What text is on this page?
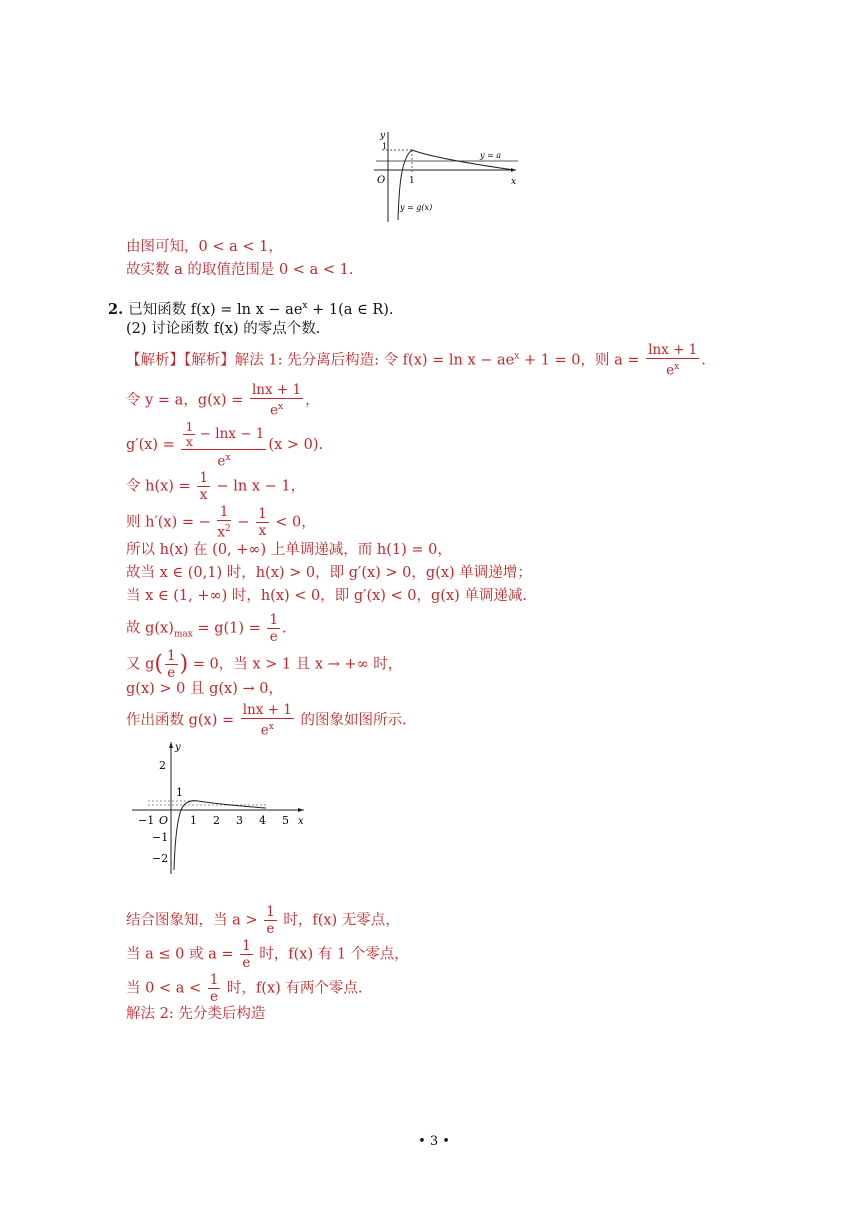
y
1
O	x
1
y = a
y = g(x)
由图可知，0 < a < 1，
故实数 a 的取值范围是 0 < a < 1.
2. 已知函数 $f(x) = \ln x - ae^x + 1(a$ ∈ R).
(2) 讨论函数 f(x) 的零点个数.
【解析】【解析】解法 1: 先分离后构造: 令 $f(x) = \ln x - ae^x + 1 = 0$，则 $a = \frac{\ln x + 1}{e^x}$ .
令 y = a，$g(x) = \frac{\ln x + 1}{e^x}$ ，
$g'(x) = \frac{\frac{1}{x} - \ln x - 1}{e^x} (x > 0)$.
令 $h(x) = \frac{1}{x} - \ln x - 1$，
则 h′(x) = − $\frac{1}{x^2} - \frac{1}{x} < 0$，
所以 h(x) 在 (0, +∞) 上单调递减，而 h(1) = 0，
故当 x ∈ (0,1) 时，h(x) > 0，即 g′(x) > 0，g(x) 单调递增；
当 x ∈ (1, +∞) 时，h(x) < 0，即 g′(x) < 0，g(x) 单调递减.
故 $g(x)_{max} = g(1) = \frac{1}{e}$ .
又 $g( \frac{1}{e}$ ) = 0，当 x > 1 且 x → +∞ 时，
g(x) > 0 且 g(x) → 0，
作出函数 $g(x) = \frac{\ln x + 1}{e^x}$ 的图象如图所示.
y
x
O
−1	1 2 3 4 5
2
1
−1
−2
结合图象知，当 $a > \frac{1}{e}$ 时，f(x) 无零点，
当 a ≤ 0 或 $a = \frac{1}{e}$ 时，f(x) 有 1 个零点，
当 $0 < a < \frac{1}{e}$ 时，f(x) 有两个零点.
解法 2: 先分类后构造
• 3 •
